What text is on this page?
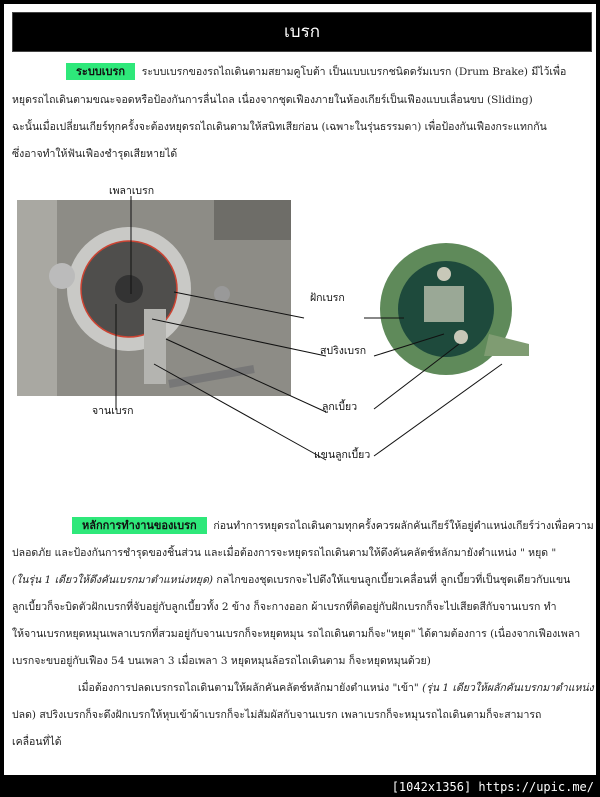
เบรก
ระบบเบรก ระบบเบรกของรถไถเดินตามสยามคูโบต้า เป็นแบบเบรกชนิดดรัมเบรก (Drum Brake) มีไว้เพื่อ
หยุดรถไถเดินตามขณะจอดหรือป้องกันการลื่นไถล เนื่องจากชุดเฟืองภายในห้องเกียร์เป็นเฟืองแบบเลื่อนขบ (Sliding)
ฉะนั้นเมื่อเปลี่ยนเกียร์ทุกครั้งจะต้องหยุดรถไถเดินตามให้สนิทเสียก่อน (เฉพาะในรุ่นธรรมดา) เพื่อป้องกันเฟืองกระแทกกัน
ซึ่งอาจทำให้ฟันเฟืองชำรุดเสียหายได้
เพลาเบรก
ฝักเบรก
สปริงเบรก
ลูกเบี้ยว
แขนลูกเบี้ยว
จานเบรก
หลักการทำงานของเบรก ก่อนทำการหยุดรถไถเดินตามทุกครั้งควรผลักคันเกียร์ให้อยู่ตำแหน่งเกียร์ว่างเพื่อความ
ปลอดภัย และป้องกันการชำรุดของชิ้นส่วน และเมื่อต้องการจะหยุดรถไถเดินตามให้ดึงคันคลัตช์หลักมายังตำแหน่ง " หยุด "
(ในรุ่น 1 เดียวให้ดึงคันเบรกมาตำแหน่งหยุด) กลไกของชุดเบรกจะไปดึงให้แขนลูกเบี้ยวเคลื่อนที่ ลูกเบี้ยวที่เป็นชุดเดียวกับแขน
ลูกเบี้ยวก็จะบิดตัวฝักเบรกที่จับอยู่กับลูกเบี้ยวทั้ง 2 ข้าง ก็จะกางออก ผ้าเบรกที่ติดอยู่กับฝักเบรกก็จะไปเสียดสีกับจานเบรก ทำ
ให้จานเบรกหยุดหมุนเพลาเบรกที่สวมอยู่กับจานเบรกก็จะหยุดหมุน รถไถเดินตามก็จะ"หยุด" ได้ตามต้องการ (เนื่องจากเฟืองเพลา
เบรกจะขบอยู่กับเฟือง 54 บนเพลา 3 เมื่อเพลา 3 หยุดหมุนล้อรถไถเดินตาม ก็จะหยุดหมุนด้วย)
เมื่อต้องการปลดเบรกรถไถเดินตามให้ผลักคันคลัตช์หลักมายังตำแหน่ง "เข้า" (รุ่น 1 เดียวให้ผลักคันเบรกมาตำแหน่ง
ปลด) สปริงเบรกก็จะดึงฝักเบรกให้หุบเข้าผ้าเบรกก็จะไม่สัมผัสกับจานเบรก เพลาเบรกก็จะหมุนรถไถเดินตามก็จะสามารถ
เคลื่อนที่ได้
[1042x1356] https://upic.me/
